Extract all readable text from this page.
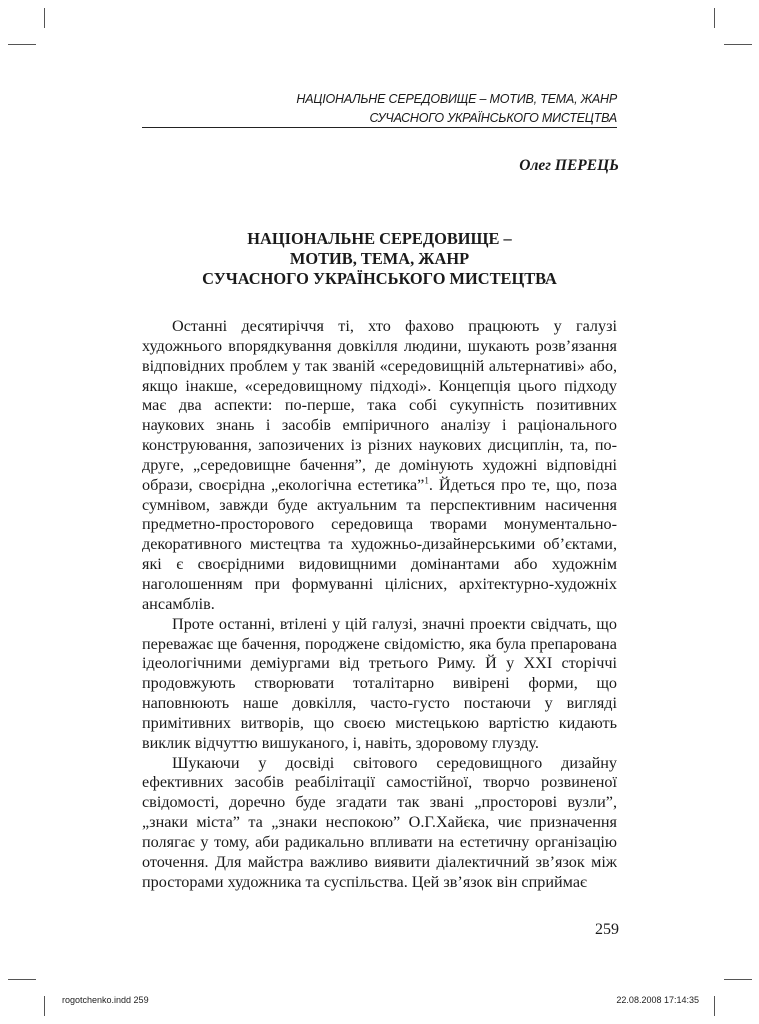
НАЦІОНАЛЬНЕ СЕРЕДОВИЩЕ – МОТИВ, ТЕМА, ЖАНР
СУЧАСНОГО УКРАЇНСЬКОГО МИСТЕЦТВА
Олег ПЕРЕЦЬ
НАЦІОНАЛЬНЕ СЕРЕДОВИЩЕ –
МОТИВ, ТЕМА, ЖАНР
СУЧАСНОГО УКРАЇНСЬКОГО МИСТЕЦТВА

Останні десятиріччя ті, хто фахово працюють у галузі художнього впорядкування довкілля людини, шукають розв’язання відповідних проблем у так званій «середовищній альтернативі» або, якщо інакше, «середовищному підході». Концепція цього підходу має два аспекти: по-перше, така собі сукупність позитивних наукових знань і засобів емпіричного аналізу і раціонального конструювання, запозичених із різних наукових дисциплін, та, по-друге, „середовищне бачення”, де домінують художні відповідні образи, своєрідна „екологічна естетика”$^1$. Йдеться про те, що, поза сумнівом, завжди буде актуальним та перспективним насичення предметно-просторового середовища творами монументально-декоративного мистецтва та художньо-дизайнерськими об’єктами, які є своєрідними видовищними домінантами або художнім наголошенням при формуванні цілісних, архітектурно-художніх ансамблів.

Проте останні, втілені у цій галузі, значні проекти свідчать, що переважає ще бачення, породжене свідомістю, яка була препарована ідеологічними деміургами від третього Риму. Й у XXI сторіччі продовжують створювати тоталітарно вивірені форми, що наповнюють наше довкілля, часто-густо постаючи у вигляді примітивних витворів, що своєю мистецькою вартістю кидають виклик відчуттю вишуканого, і, навіть, здоровому глузду.

Шукаючи у досвіді світового середовищного дизайну ефективних засобів реабілітації самостійної, творчо розвиненої свідомості, доречно буде згадати так звані „просторові вузли”, „знаки міста” та „знаки неспокою” О.Г.Хайєка, чиє призначення полягає у тому, аби радикально впливати на естетичну організацію оточення. Для майстра важливо виявити діалектичний зв’язок між просторами художника та суспільства. Цей зв’язок він сприймає

259
rogotchenko.indd 259	22.08.2008 17:14:35
